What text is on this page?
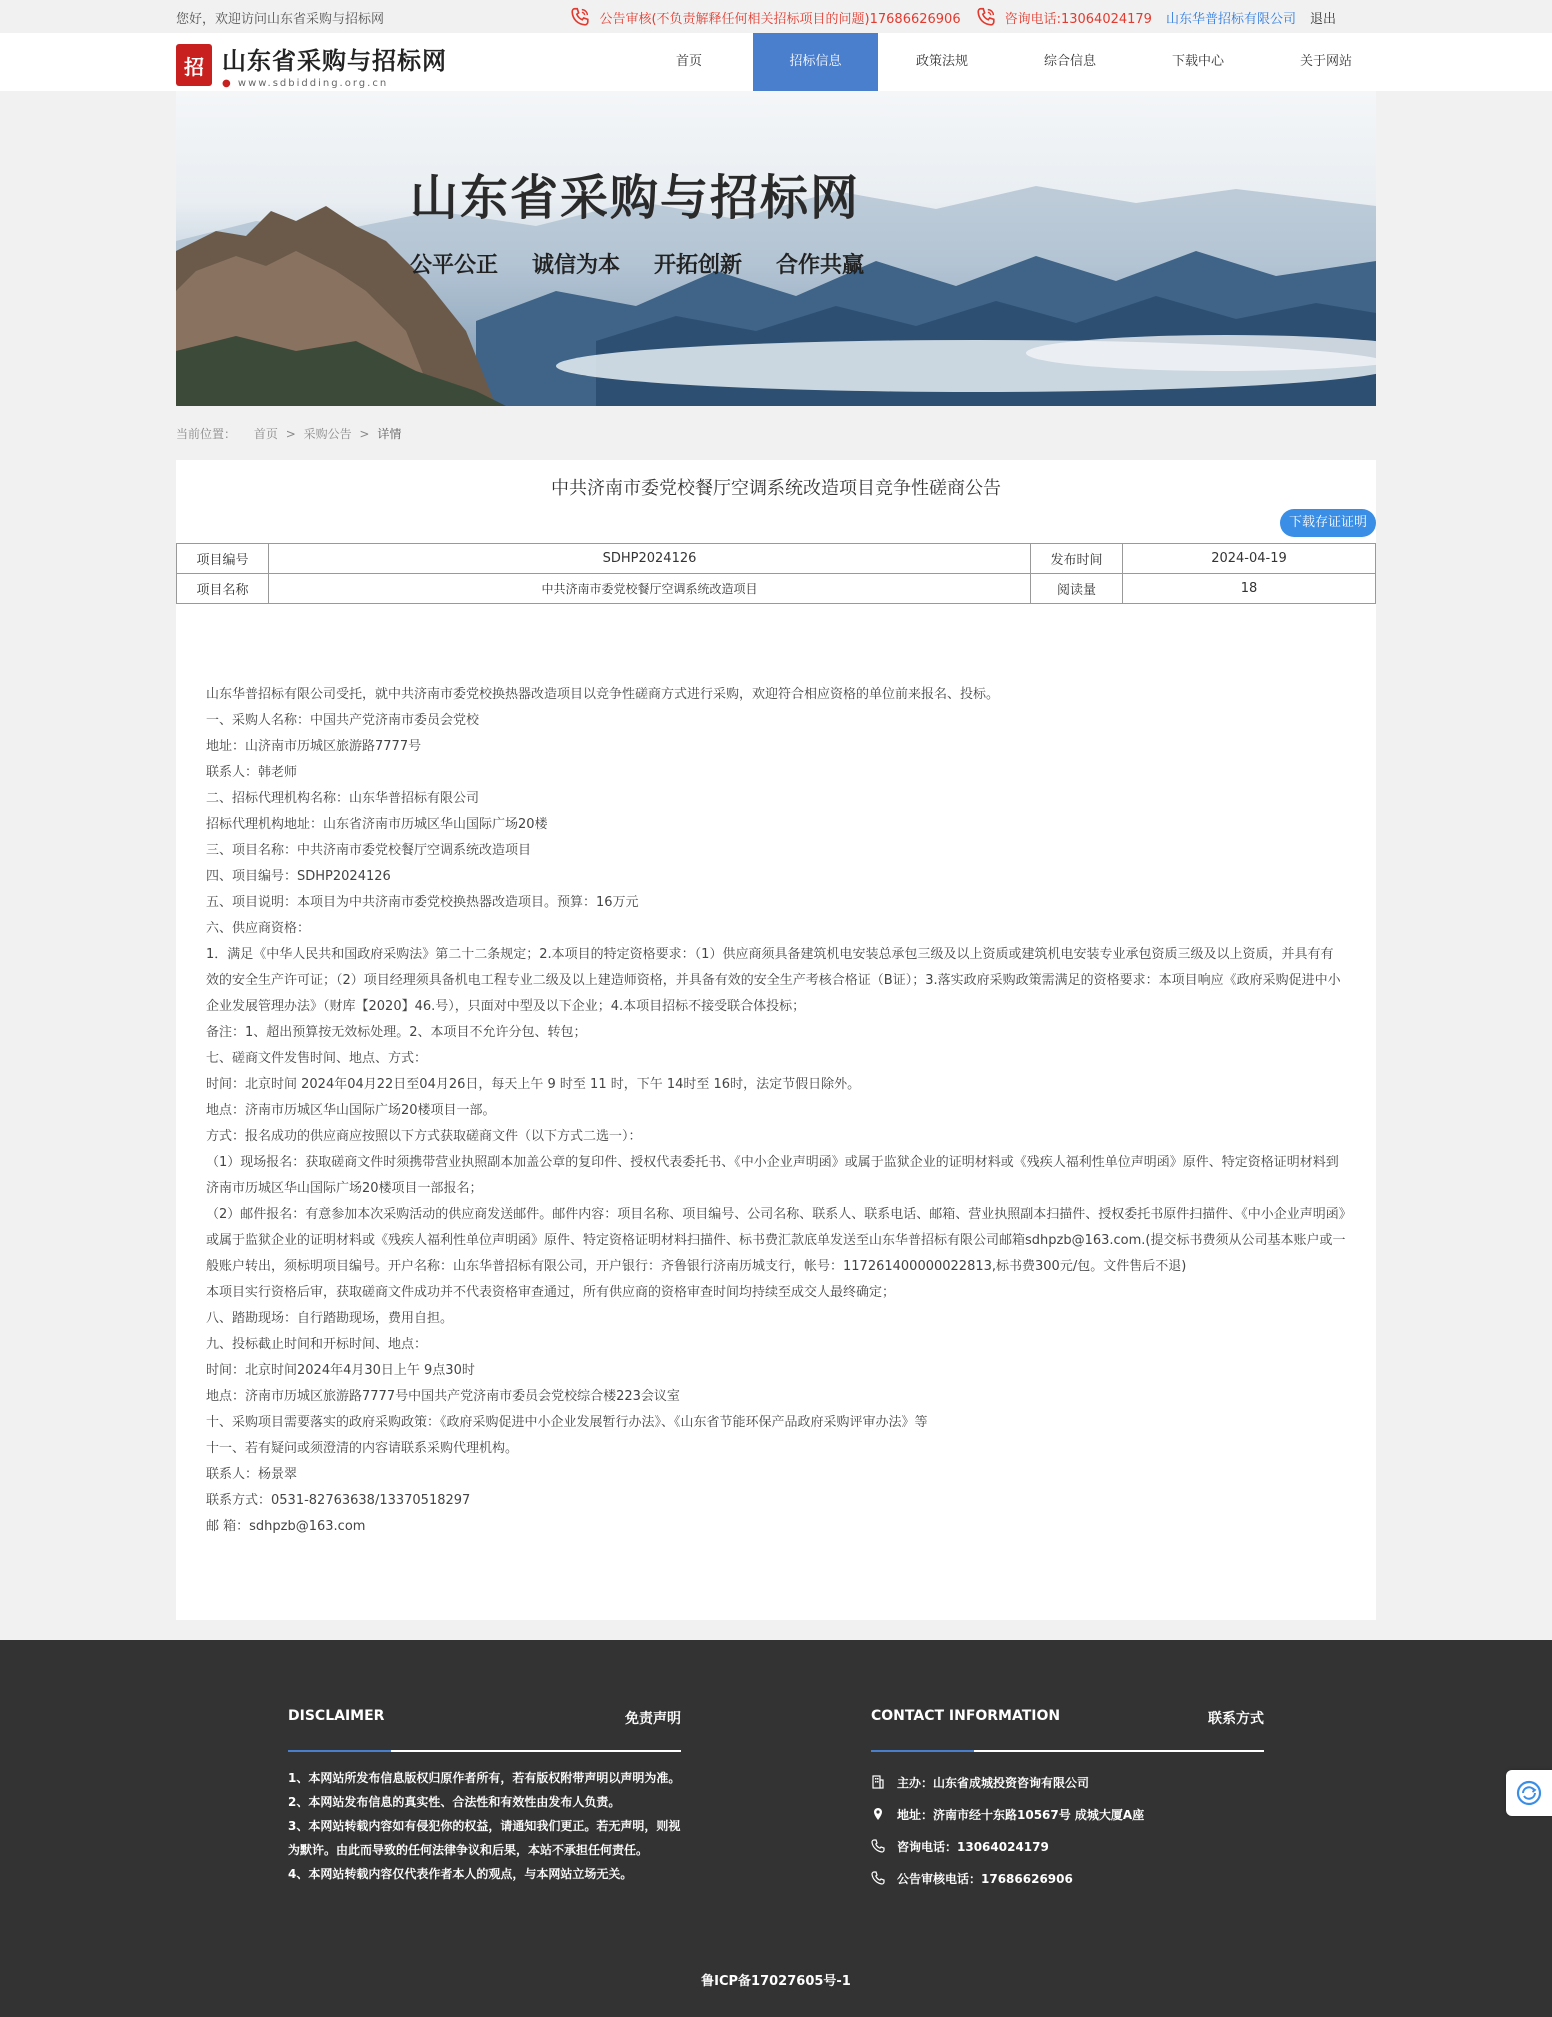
您好，欢迎访问山东省采购与招标网	公告审核(不负责解释任何相关招标项目的问题)17686626906	咨询电话:13064024179 山东华普招标有限公司 退出
招 山东省采购与招标网
● www.sdbidding.org.cn
首页	招标信息	政策法规	综合信息	下载中心	关于网站
山东省采购与招标网
公平公正 诚信为本 开拓创新 合作共赢
当前位置： 首页 > 采购公告 > 详情
中共济南市委党校餐厅空调系统改造项目竞争性磋商公告
下载存证证明
项目编号	SDHP2024126	发布时间	2024-04-19
项目名称	中共济南市委党校餐厅空调系统改造项目	阅读量	18

山东华普招标有限公司受托，就中共济南市委党校换热器改造项目以竞争性磋商方式进行采购，欢迎符合相应资格的单位前来报名、投标。

一、采购人名称：中国共产党济南市委员会党校

地址：山济南市历城区旅游路7777号

联系人：韩老师

二、招标代理机构名称：山东华普招标有限公司

招标代理机构地址：山东省济南市历城区华山国际广场20楼

三、项目名称：中共济南市委党校餐厅空调系统改造项目

四、项目编号：SDHP2024126

五、项目说明：本项目为中共济南市委党校换热器改造项目。预算：16万元

六、供应商资格：

1．满足《中华人民共和国政府采购法》第二十二条规定；2.本项目的特定资格要求：（1）供应商须具备建筑机电安装总承包三级及以上资质或建筑机电安装专业承包资质三级及以上资质，并具有有效的安全生产许可证；（2）项目经理须具备机电工程专业二级及以上建造师资格，并具备有效的安全生产考核合格证（B证）；3.落实政府采购政策需满足的资格要求：本项目响应《政府采购促进中小企业发展管理办法》（财库【2020】46.号），只面对中型及以下企业；4.本项目招标不接受联合体投标；

备注：1、超出预算按无效标处理。2、本项目不允许分包、转包；

七、磋商文件发售时间、地点、方式：

时间：北京时间 2024年04月22日至04月26日，每天上午 9 时至 11 时，下午 14时至 16时，法定节假日除外。

地点：济南市历城区华山国际广场20楼项目一部。

方式：报名成功的供应商应按照以下方式获取磋商文件（以下方式二选一）：

（1）现场报名：获取磋商文件时须携带营业执照副本加盖公章的复印件、授权代表委托书、《中小企业声明函》或属于监狱企业的证明材料或《残疾人福利性单位声明函》原件、特定资格证明材料到济南市历城区华山国际广场20楼项目一部报名；

（2）邮件报名：有意参加本次采购活动的供应商发送邮件。邮件内容：项目名称、项目编号、公司名称、联系人、联系电话、邮箱、营业执照副本扫描件、授权委托书原件扫描件、《中小企业声明函》或属于监狱企业的证明材料或《残疾人福利性单位声明函》原件、特定资格证明材料扫描件、标书费汇款底单发送至山东华普招标有限公司邮箱sdhpzb@163.com.(提交标书费须从公司基本账户或一般账户转出，须标明项目编号。开户名称：山东华普招标有限公司，开户银行：齐鲁银行济南历城支行，帐号：117261400000022813,标书费300元/包。文件售后不退)

本项目实行资格后审，获取磋商文件成功并不代表资格审查通过，所有供应商的资格审查时间均持续至成交人最终确定；

八、踏勘现场：自行踏勘现场，费用自担。

九、投标截止时间和开标时间、地点：

时间：北京时间2024年4月30日上午 9点30时

地点：济南市历城区旅游路7777号中国共产党济南市委员会党校综合楼223会议室

十、采购项目需要落实的政府采购政策：《政府采购促进中小企业发展暂行办法》、《山东省节能环保产品政府采购评审办法》等

十一、若有疑问或须澄清的内容请联系采购代理机构。

联系人：杨景翠

联系方式：0531-82763638/13370518297

邮 箱：sdhpzb@163.com

DISCLAIMER	免责声明

1、本网站所发布信息版权归原作者所有，若有版权附带声明以声明为准。

2、本网站发布信息的真实性、合法性和有效性由发布人负责。

3、本网站转载内容如有侵犯你的权益，请通知我们更正。若无声明，则视为默许。由此而导致的任何法律争议和后果，本站不承担任何责任。

4、本网站转载内容仅代表作者本人的观点，与本网站立场无关。

CONTACT INFORMATION	联系方式
主办：山东省成城投资咨询有限公司
地址：济南市经十东路10567号 成城大厦A座
咨询电话：13064024179
公告审核电话：17686626906
鲁ICP备17027605号-1
